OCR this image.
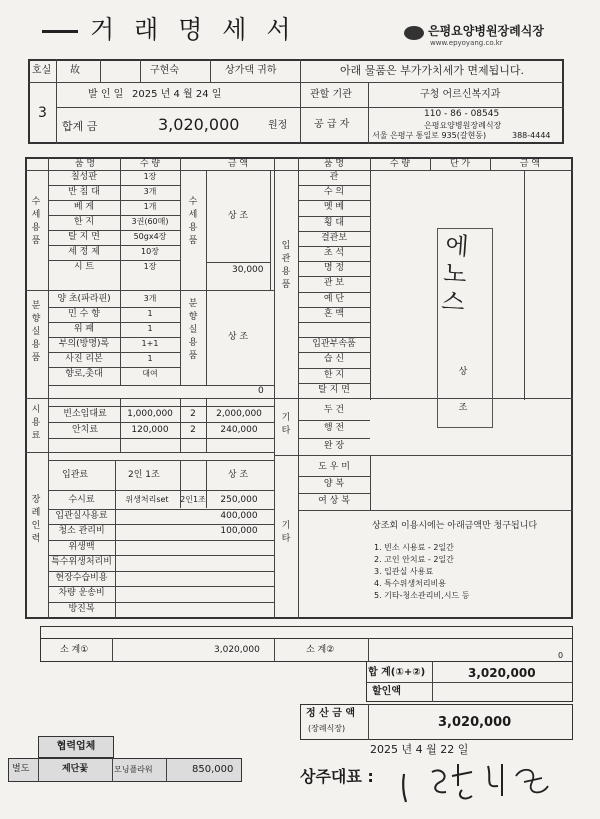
거 래 명 세 서	은평요양병원장례식장
www.epyoyang.co.kr
호실
3
故	구현숙	상가댁 귀하	아래 물품은 부가가치세가 면제됩니다.
발 인 일 2025 년 4 월 24 일	관할 기관	구청 어르신복지과
합계 금	3,020,000	원정	공 급 자
110 - 86 - 08545
은평요양병원장례식장
서울 은평구 통일로 935(갈현동)	388-4444
품 명	수 량	금 액	품 명	수 량	단 가	금 액
수세용품
수세용품
상 조
30,000
칠성판	1장
반 침 대	3개
베 게	1개
한 지	3권(60매)
탈 지 면	50gx4장
세 정 제	10장
시 트	1장
분향실용품
분향실용품
상 조
0
양 초(파라핀)	3개
민 수 향	1
위 패	1
부의(방명)록	1+1
사진 리본	1
향로,촛대	대여
시용료
빈소임대료	1,000,000	2	2,000,000
안치료	120,000	2	240,000
장례인력
입관료	2인 1조	상 조
수시료	위생처리set	2인1조	250,000
입관실사용료	400,000
청소 관리비	100,000
위생백
특수위생처리비
현장수습비용
차량 운송비
방진복
입관용품
관
수 의
멧 베
횡 대
결관보
초 석
명 정
관 보
예 단
혼 백
입관부속품
습 신
한 지
탈 지 면
에노스
상
조
기타
두 건
행 전
완 장
기타
도 우 미
양 복
여 상 복
상조회 이용시에는 아래금액만 청구됩니다
1. 빈소 시용료 - 2일간
2. 고인 안치료 - 2일간
3. 입관실 사용료
4. 특수위생처리비용
5. 기타-청소관리비,시드 등
소 계①	3,020,000	소 계②
0
합 계(①+②)	3,020,000
할인액
정 산 금 액
(장례식장)	3,020,000
2025 년 4 월 22 일
상주대표 :
협력업체
별도	제단꽃	모닝플라워	850,000
